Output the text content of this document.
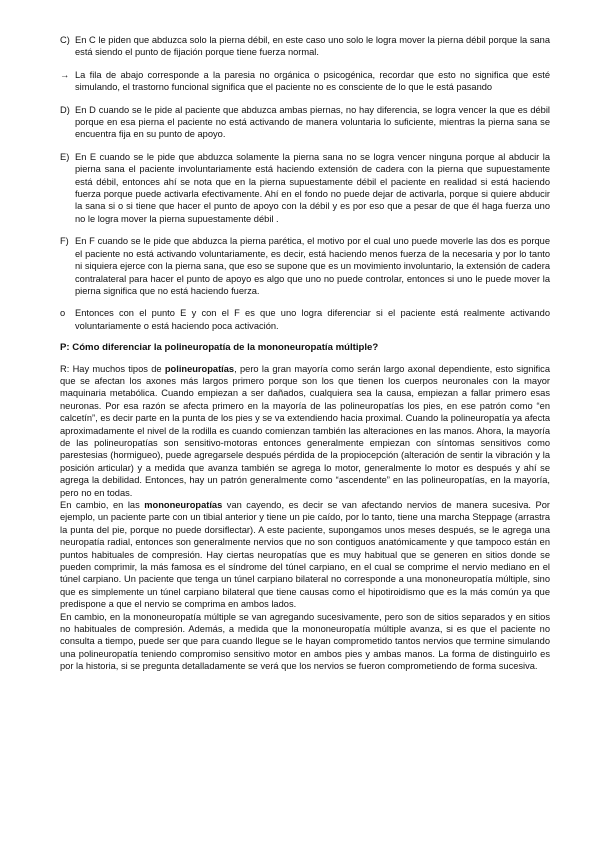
C) En C le piden que abduzca solo la pierna débil, en este caso uno solo le logra mover la pierna débil porque la sana está siendo el punto de fijación porque tiene fuerza normal.
→ La fila de abajo corresponde a la paresia no orgánica o psicogénica, recordar que esto no significa que esté simulando, el trastorno funcional significa que el paciente no es consciente de lo que le está pasando
D) En D cuando se le pide al paciente que abduzca ambas piernas, no hay diferencia, se logra vencer la que es débil porque en esa pierna el paciente no está activando de manera voluntaria lo suficiente, mientras la pierna sana se encuentra fija en su punto de apoyo.
E) En E cuando se le pide que abduzca solamente la pierna sana no se logra vencer ninguna porque al abducir la pierna sana el paciente involuntariamente está haciendo extensión de cadera con la pierna que supuestamente está débil, entonces ahí se nota que en la pierna supuestamente débil el paciente en realidad si está haciendo fuerza porque puede activarla efectivamente. Ahí en el fondo no puede dejar de activarla, porque si quiere abducir la sana si o si tiene que hacer el punto de apoyo con la débil y es por eso que a pesar de que él haga fuerza uno no le logra mover la pierna supuestamente débil .
F) En F cuando se le pide que abduzca la pierna parética, el motivo por el cual uno puede moverle las dos es porque el paciente no está activando voluntariamente, es decir, está haciendo menos fuerza de la necesaria y por lo tanto ni siquiera ejerce con la pierna sana, que eso se supone que es un movimiento involuntario, la extensión de cadera contralateral para hacer el punto de apoyo es algo que uno no puede controlar, entonces si uno le puede mover la pierna significa que no está haciendo fuerza.
o	Entonces con el punto E y con el F es que uno logra diferenciar si el paciente está realmente activando voluntariamente o está haciendo poca activación.
P: Cómo diferenciar la polineuropatía de la mononeuropatía múltiple?
R: Hay muchos tipos de polineuropatías, pero la gran mayoría como serán largo axonal dependiente, esto significa que se afectan los axones más largos primero porque son los que tienen los cuerpos neuronales con la mayor maquinaria metabólica. Cuando empiezan a ser dañados, cualquiera sea la causa, empiezan a fallar primero esas neuronas. Por esa razón se afecta primero en la mayoría de las polineuropatías los pies, en ese patrón como “en calcetín”, es decir parte en la punta de los pies y se va extendiendo hacia proximal. Cuando la polineuropatía ya afecta aproximadamente el nivel de la rodilla es cuando comienzan también las alteraciones en las manos. Ahora, la mayoría de las polineuropatías son sensitivo-motoras entonces generalmente empiezan con síntomas sensitivos como parestesias (hormigueo), puede agregarsele después pérdida de la propiocepción (alteración de sentir la vibración y la posición articular) y a medida que avanza también se agrega lo motor, generalmente lo motor es después y ahí se agrega la debilidad. Entonces, hay un patrón generalmente como “ascendente” en las polineuropatías, en la mayoría, pero no en todas.
En cambio, en las mononeuropatías van cayendo, es decir se van afectando nervios de manera sucesiva. Por ejemplo, un paciente parte con un tibial anterior y tiene un pie caído, por lo tanto, tiene una marcha Steppage (arrastra la punta del pie, porque no puede dorsiflectar). A este paciente, supongamos unos meses después, se le agrega una neuropatía radial, entonces son generalmente nervios que no son contiguos anatómicamente y que tampoco están en puntos habituales de compresión. Hay ciertas neuropatías que es muy habitual que se generen en sitios donde se pueden comprimir, la más famosa es el síndrome del túnel carpiano, en el cual se comprime el nervio mediano en el túnel carpiano. Un paciente que tenga un túnel carpiano bilateral no corresponde a una mononeuropatía múltiple, sino que es simplemente un túnel carpiano bilateral que tiene causas como el hipotiroidismo que es la más común ya que predispone a que el nervio se comprima en ambos lados.
En cambio, en la mononeuropatía múltiple se van agregando sucesivamente, pero son de sitios separados y en sitios no habituales de compresión. Además, a medida que la mononeuropatía múltiple avanza, si es que el paciente no consulta a tiempo, puede ser que para cuando llegue se le hayan comprometido tantos nervios que termine simulando una polineuropatía teniendo compromiso sensitivo motor en ambos pies y ambas manos. La forma de distinguirlo es por la historia, si se pregunta detalladamente se verá que los nervios se fueron comprometiendo de forma sucesiva.
